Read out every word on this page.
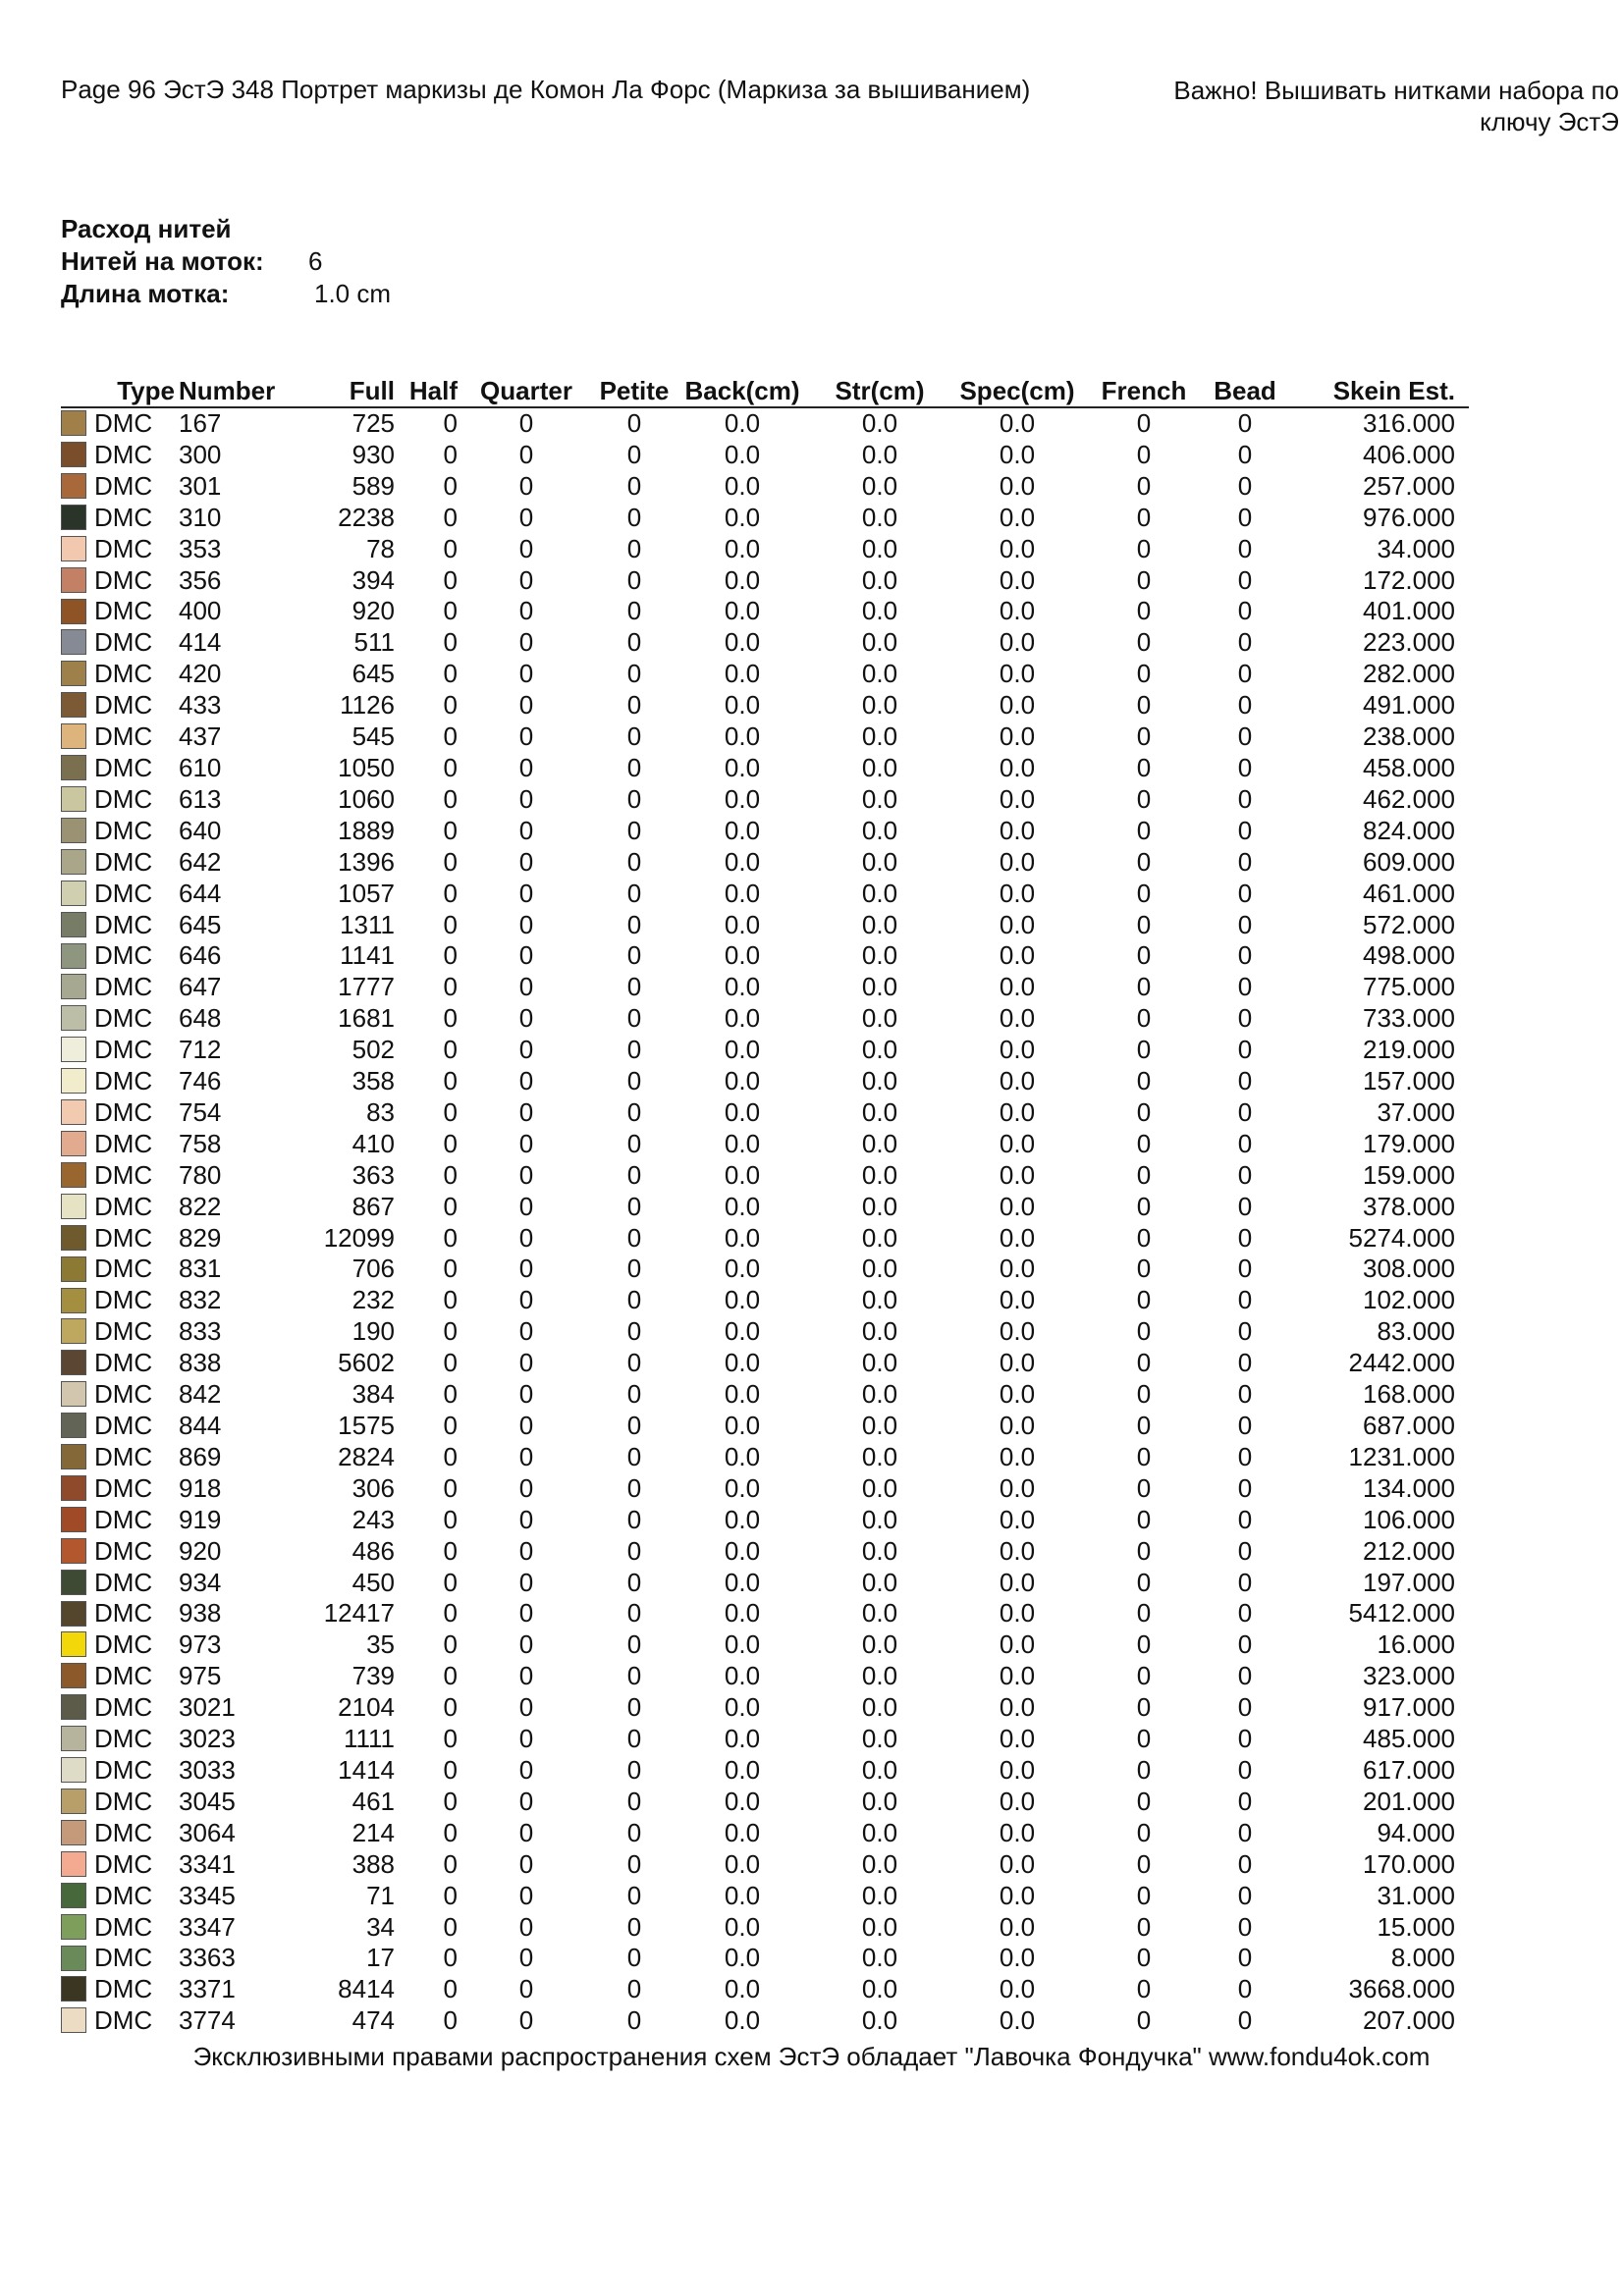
Page 96 ЭстЭ 348 Портрет маркизы де Комон Ла Форс (Маркиза за вышиванием)	Важно! Вышивать нитками набора по
ключу ЭстЭ
Расход нитей
Нитей на моток: 6
Длина мотка:	1.0 cm
Type		Number	Full	Half	Quarter	Petite	Back(cm)	Str(cm)	Spec(cm)	French	Bead	Skein Est.
	DMC	167	725	0	0	0	0.0	0.0	0.0	0	0	316.000
	DMC	300	930	0	0	0	0.0	0.0	0.0	0	0	406.000
	DMC	301	589	0	0	0	0.0	0.0	0.0	0	0	257.000
	DMC	310	2238	0	0	0	0.0	0.0	0.0	0	0	976.000
	DMC	353	78	0	0	0	0.0	0.0	0.0	0	0	34.000
	DMC	356	394	0	0	0	0.0	0.0	0.0	0	0	172.000
	DMC	400	920	0	0	0	0.0	0.0	0.0	0	0	401.000
	DMC	414	511	0	0	0	0.0	0.0	0.0	0	0	223.000
	DMC	420	645	0	0	0	0.0	0.0	0.0	0	0	282.000
	DMC	433	1126	0	0	0	0.0	0.0	0.0	0	0	491.000
	DMC	437	545	0	0	0	0.0	0.0	0.0	0	0	238.000
	DMC	610	1050	0	0	0	0.0	0.0	0.0	0	0	458.000
	DMC	613	1060	0	0	0	0.0	0.0	0.0	0	0	462.000
	DMC	640	1889	0	0	0	0.0	0.0	0.0	0	0	824.000
	DMC	642	1396	0	0	0	0.0	0.0	0.0	0	0	609.000
	DMC	644	1057	0	0	0	0.0	0.0	0.0	0	0	461.000
	DMC	645	1311	0	0	0	0.0	0.0	0.0	0	0	572.000
	DMC	646	1141	0	0	0	0.0	0.0	0.0	0	0	498.000
	DMC	647	1777	0	0	0	0.0	0.0	0.0	0	0	775.000
	DMC	648	1681	0	0	0	0.0	0.0	0.0	0	0	733.000
	DMC	712	502	0	0	0	0.0	0.0	0.0	0	0	219.000
	DMC	746	358	0	0	0	0.0	0.0	0.0	0	0	157.000
	DMC	754	83	0	0	0	0.0	0.0	0.0	0	0	37.000
	DMC	758	410	0	0	0	0.0	0.0	0.0	0	0	179.000
	DMC	780	363	0	0	0	0.0	0.0	0.0	0	0	159.000
	DMC	822	867	0	0	0	0.0	0.0	0.0	0	0	378.000
	DMC	829	12099	0	0	0	0.0	0.0	0.0	0	0	5274.000
	DMC	831	706	0	0	0	0.0	0.0	0.0	0	0	308.000
	DMC	832	232	0	0	0	0.0	0.0	0.0	0	0	102.000
	DMC	833	190	0	0	0	0.0	0.0	0.0	0	0	83.000
	DMC	838	5602	0	0	0	0.0	0.0	0.0	0	0	2442.000
	DMC	842	384	0	0	0	0.0	0.0	0.0	0	0	168.000
	DMC	844	1575	0	0	0	0.0	0.0	0.0	0	0	687.000
	DMC	869	2824	0	0	0	0.0	0.0	0.0	0	0	1231.000
	DMC	918	306	0	0	0	0.0	0.0	0.0	0	0	134.000
	DMC	919	243	0	0	0	0.0	0.0	0.0	0	0	106.000
	DMC	920	486	0	0	0	0.0	0.0	0.0	0	0	212.000
	DMC	934	450	0	0	0	0.0	0.0	0.0	0	0	197.000
	DMC	938	12417	0	0	0	0.0	0.0	0.0	0	0	5412.000
	DMC	973	35	0	0	0	0.0	0.0	0.0	0	0	16.000
	DMC	975	739	0	0	0	0.0	0.0	0.0	0	0	323.000
	DMC	3021	2104	0	0	0	0.0	0.0	0.0	0	0	917.000
	DMC	3023	1111	0	0	0	0.0	0.0	0.0	0	0	485.000
	DMC	3033	1414	0	0	0	0.0	0.0	0.0	0	0	617.000
	DMC	3045	461	0	0	0	0.0	0.0	0.0	0	0	201.000
	DMC	3064	214	0	0	0	0.0	0.0	0.0	0	0	94.000
	DMC	3341	388	0	0	0	0.0	0.0	0.0	0	0	170.000
	DMC	3345	71	0	0	0	0.0	0.0	0.0	0	0	31.000
	DMC	3347	34	0	0	0	0.0	0.0	0.0	0	0	15.000
	DMC	3363	17	0	0	0	0.0	0.0	0.0	0	0	8.000
	DMC	3371	8414	0	0	0	0.0	0.0	0.0	0	0	3668.000
	DMC	3774	474	0	0	0	0.0	0.0	0.0	0	0	207.000
Эксклюзивными правами распространения схем ЭстЭ обладает "Лавочка Фондучка" www.fondu4ok.com
